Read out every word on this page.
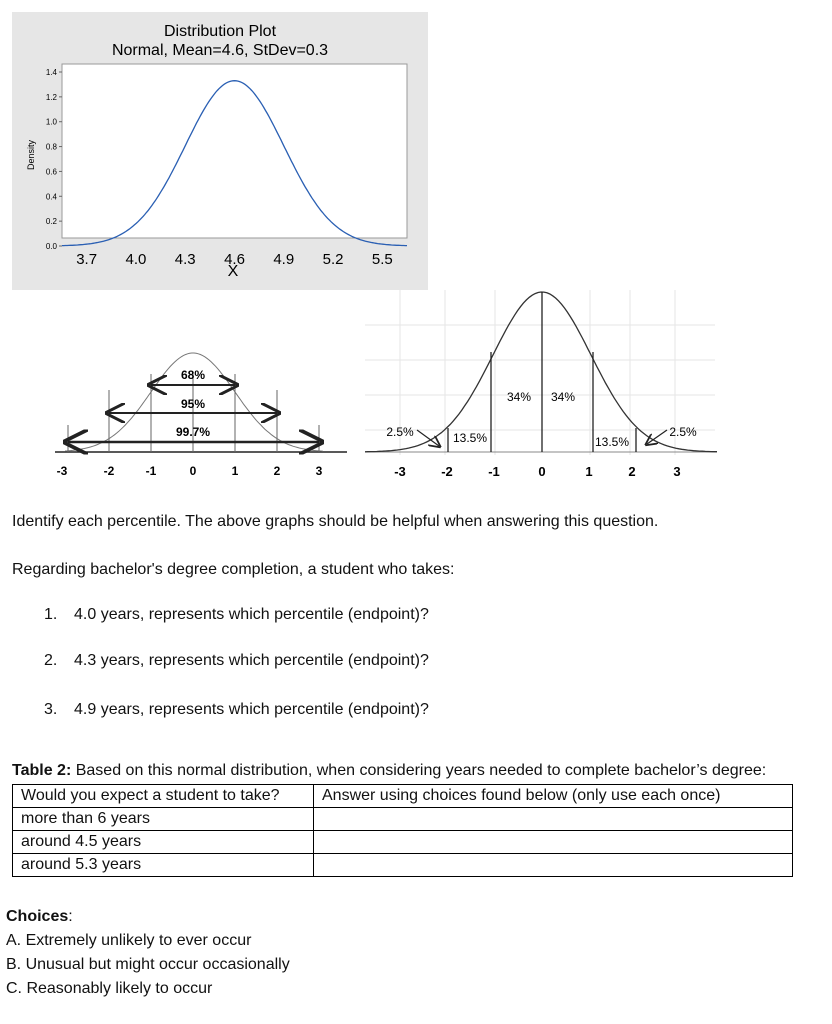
Distribution Plot
Normal, Mean=4.6, StDev=0.3
0.0
0.2
0.4
0.6
0.8
1.0
1.2
1.4
3.7 4.0 4.3 4.6 4.9 5.2 5.5
Density
X
68%
95%
99.7%
-3	-2	-1	0	1	2	3
34% 34%
13.5%	13.5%
2.5%	2.5%
-3	-2	-1	0	1	2	3
Identify each percentile. The above graphs should be helpful when answering this question.
Regarding bachelor's degree completion, a student who takes:
1. 4.0 years, represents which percentile (endpoint)?
2. 4.3 years, represents which percentile (endpoint)?
3. 4.9 years, represents which percentile (endpoint)?
Table 2: Based on this normal distribution, when considering years needed to complete bachelor’s degree:
Would you expect a student to take?	Answer using choices found below (only use each once)
more than 6 years	
around 4.5 years	
around 5.3 years	
Choices:
A. Extremely unlikely to ever occur
B. Unusual but might occur occasionally
C. Reasonably likely to occur
